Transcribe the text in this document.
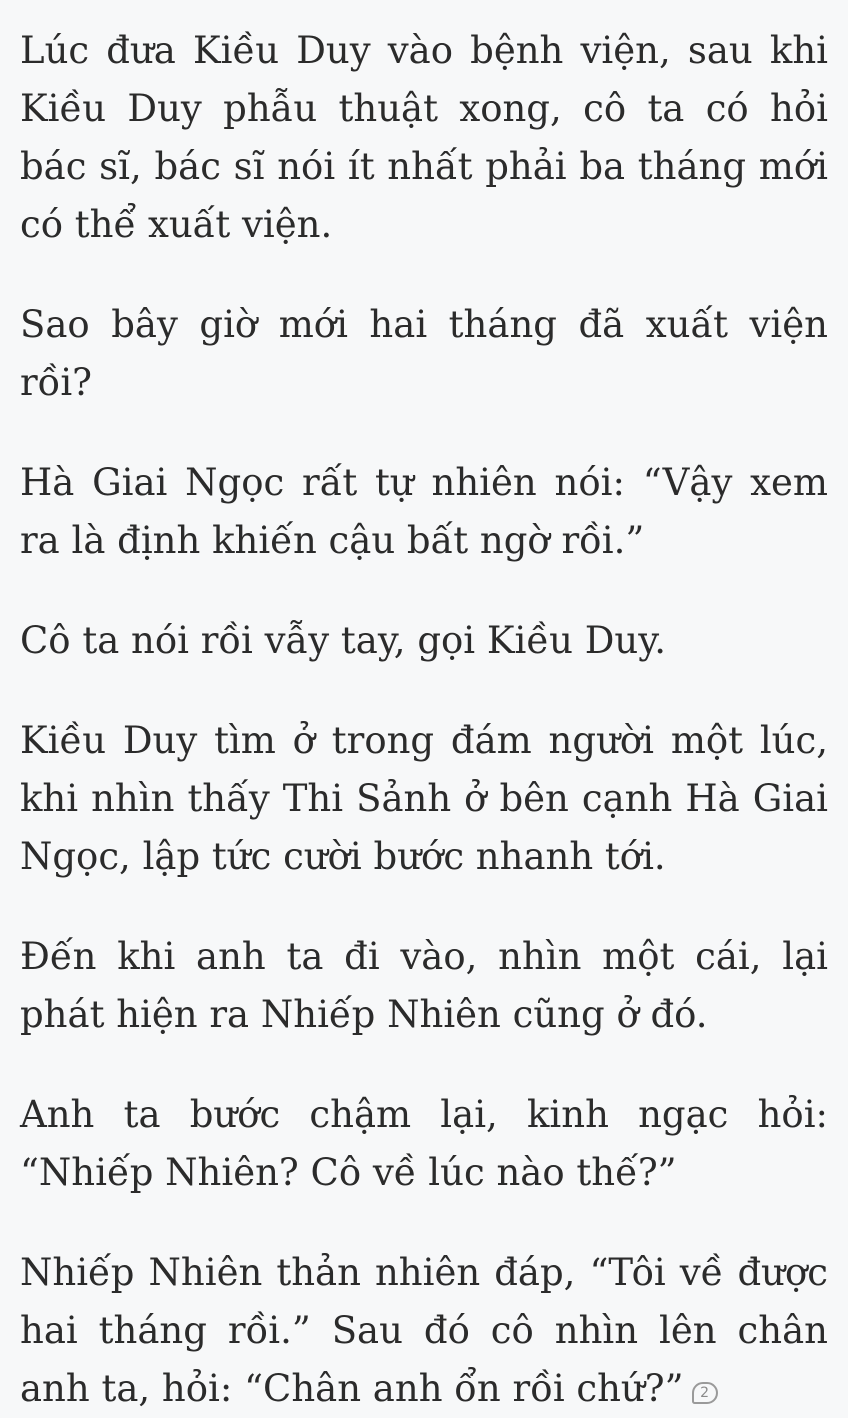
Lúc đưa Kiều Duy vào bệnh viện, sau khi Kiều Duy phẫu thuật xong, cô ta có hỏi bác sĩ, bác sĩ nói ít nhất phải ba tháng mới có thể xuất viện.

Sao bây giờ mới hai tháng đã xuất viện rồi?

Hà Giai Ngọc rất tự nhiên nói: “Vậy xem ra là định khiến cậu bất ngờ rồi.”

Cô ta nói rồi vẫy tay, gọi Kiều Duy.

Kiều Duy tìm ở trong đám người một lúc, khi nhìn thấy Thi Sảnh ở bên cạnh Hà Giai Ngọc, lập tức cười bước nhanh tới.

Đến khi anh ta đi vào, nhìn một cái, lại phát hiện ra Nhiếp Nhiên cũng ở đó.

Anh ta bước chậm lại, kinh ngạc hỏi: “Nhiếp Nhiên? Cô về lúc nào thế?”

Nhiếp Nhiên thản nhiên đáp, “Tôi về được hai tháng rồi.” Sau đó cô nhìn lên chân anh ta, hỏi: “Chân anh ổn rồi chứ?” 2
